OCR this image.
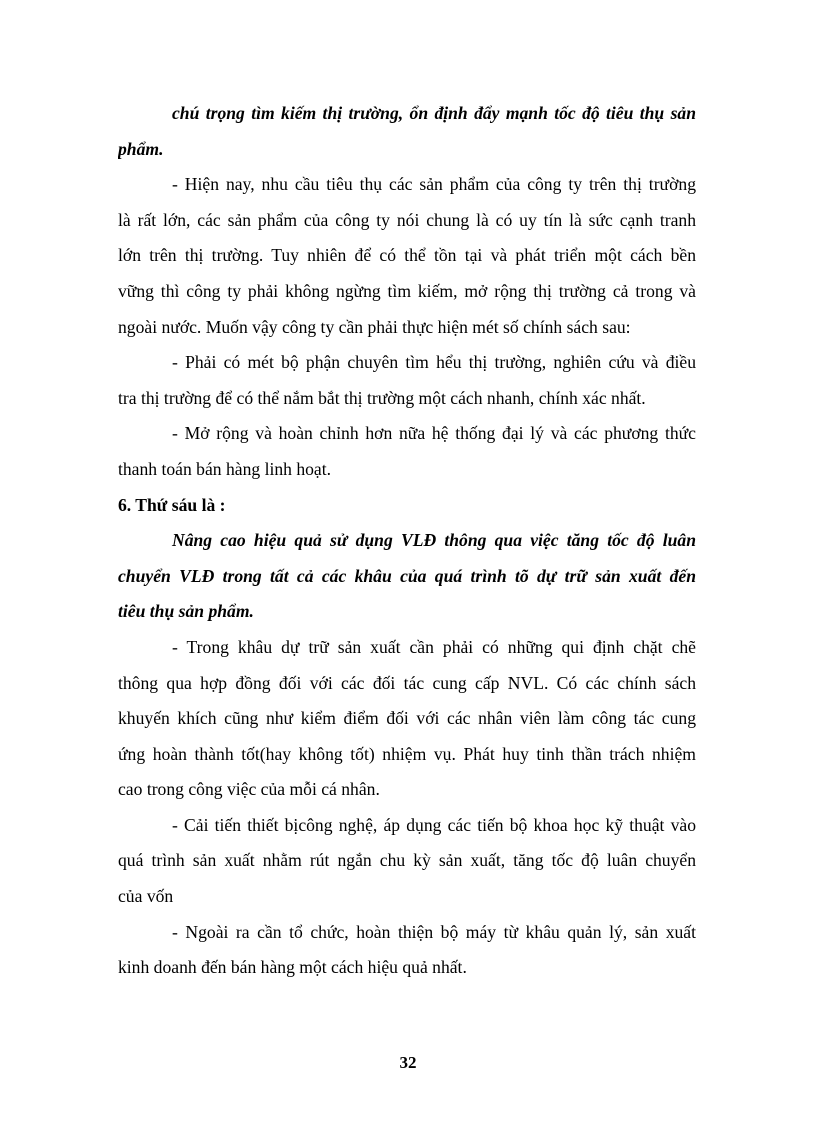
chú trọng tìm kiếm thị trường, ổn định đẩy mạnh tốc độ tiêu thụ sản
phẩm.
- Hiện nay, nhu cầu tiêu thụ các sản phẩm của công ty trên thị trường
là rất lớn, các sản phẩm của công ty nói chung là có uy tín là sức cạnh tranh
lớn trên thị trường. Tuy nhiên để có thể tồn tại và phát triển một cách bền
vững thì công ty phải không ngừng tìm kiếm, mở rộng thị trường cả trong và
ngoài nước. Muốn vậy công ty cần phải thực hiện mét số chính sách sau:
- Phải có mét bộ phận chuyên tìm hểu thị trường, nghiên cứu và điều
tra thị trường để có thể nắm bắt thị trường một cách nhanh, chính xác nhất.
- Mở rộng và hoàn chỉnh hơn nữa hệ thống đại lý và các phương thức
thanh toán bán hàng linh hoạt.
6. Thứ sáu là :
Nâng cao hiệu quả sử dụng VLĐ thông qua việc tăng tốc độ luân
chuyển VLĐ trong tất cả các khâu của quá trình tõ dự trữ sản xuất đến
tiêu thụ sản phẩm.
- Trong khâu dự trữ sản xuất cần phải có những qui định chặt chẽ
thông qua hợp đồng đối với các đối tác cung cấp NVL. Có các chính sách
khuyến khích cũng như kiểm điểm đối với các nhân viên làm công tác cung
ứng hoàn thành tốt(hay không tốt) nhiệm vụ. Phát huy tinh thần trách nhiệm
cao trong công việc của mỗi cá nhân.
- Cải tiến thiết bịcông nghệ, áp dụng các tiến bộ khoa học kỹ thuật vào
quá trình sản xuất nhằm rút ngắn chu kỳ sản xuất, tăng tốc độ luân chuyển
của vốn
- Ngoài ra cần tổ chức, hoàn thiện bộ máy từ khâu quản lý, sản xuất
kinh doanh đến bán hàng một cách hiệu quả nhất.
32
